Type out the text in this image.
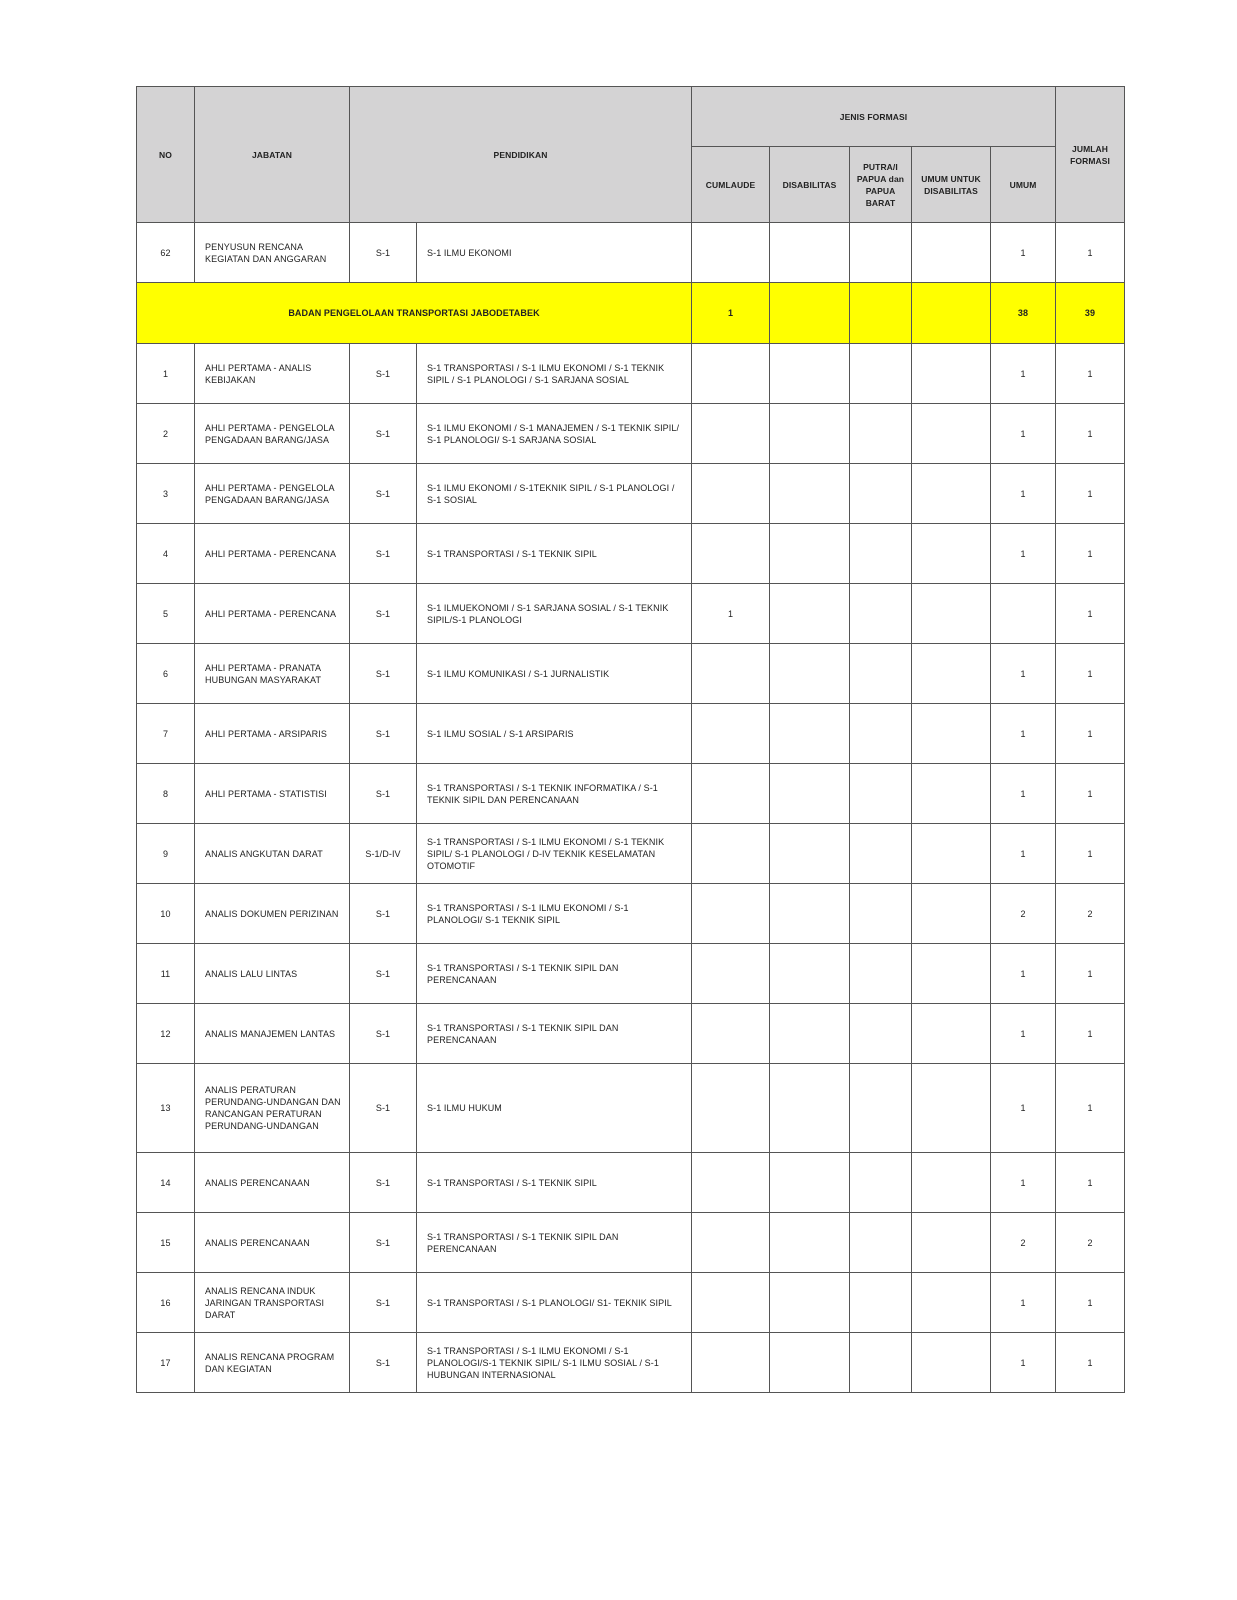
NO	JABATAN	PENDIDIKAN		JENIS FORMASI					JUMLAH FORMASI
				CUMLAUDE	DISABILITAS	PUTRA/I PAPUA dan PAPUA BARAT	UMUM UNTUK DISABILITAS	UMUM	
62	PENYUSUN RENCANA KEGIATAN DAN ANGGARAN	S-1	S-1 ILMU EKONOMI					1	1
BADAN PENGELOLAAN TRANSPORTASI JABODETABEK				1				38	39
1	AHLI PERTAMA - ANALIS KEBIJAKAN	S-1	S-1 TRANSPORTASI / S-1 ILMU EKONOMI / S-1 TEKNIK SIPIL / S-1 PLANOLOGI / S-1 SARJANA SOSIAL					1	1
2	AHLI PERTAMA - PENGELOLA PENGADAAN BARANG/JASA	S-1	S-1 ILMU EKONOMI / S-1 MANAJEMEN / S-1 TEKNIK SIPIL/ S-1 PLANOLOGI/ S-1 SARJANA SOSIAL					1	1
3	AHLI PERTAMA - PENGELOLA PENGADAAN BARANG/JASA	S-1	S-1 ILMU EKONOMI / S-1TEKNIK SIPIL / S-1 PLANOLOGI / S-1 SOSIAL					1	1
4	AHLI PERTAMA - PERENCANA	S-1	S-1 TRANSPORTASI / S-1 TEKNIK SIPIL					1	1
5	AHLI PERTAMA - PERENCANA	S-1	S-1 ILMUEKONOMI / S-1 SARJANA SOSIAL / S-1 TEKNIK SIPIL/S-1 PLANOLOGI	1					1
6	AHLI PERTAMA - PRANATA HUBUNGAN MASYARAKAT	S-1	S-1 ILMU KOMUNIKASI / S-1 JURNALISTIK					1	1
7	AHLI PERTAMA - ARSIPARIS	S-1	S-1 ILMU SOSIAL / S-1 ARSIPARIS					1	1
8	AHLI PERTAMA - STATISTISI	S-1	S-1 TRANSPORTASI / S-1 TEKNIK INFORMATIKA / S-1 TEKNIK SIPIL DAN PERENCANAAN					1	1
9	ANALIS ANGKUTAN DARAT	S-1/D-IV	S-1 TRANSPORTASI / S-1 ILMU EKONOMI / S-1 TEKNIK SIPIL/ S-1 PLANOLOGI / D-IV TEKNIK KESELAMATAN OTOMOTIF					1	1
10	ANALIS DOKUMEN PERIZINAN	S-1	S-1 TRANSPORTASI / S-1 ILMU EKONOMI / S-1 PLANOLOGI/ S-1 TEKNIK SIPIL					2	2
11	ANALIS LALU LINTAS	S-1	S-1 TRANSPORTASI / S-1 TEKNIK SIPIL DAN PERENCANAAN					1	1
12	ANALIS MANAJEMEN LANTAS	S-1	S-1 TRANSPORTASI / S-1 TEKNIK SIPIL DAN PERENCANAAN					1	1
13	ANALIS PERATURAN PERUNDANG-UNDANGAN DAN RANCANGAN PERATURAN PERUNDANG-UNDANGAN	S-1	S-1 ILMU HUKUM					1	1
14	ANALIS PERENCANAAN	S-1	S-1 TRANSPORTASI / S-1 TEKNIK SIPIL					1	1
15	ANALIS PERENCANAAN	S-1	S-1 TRANSPORTASI / S-1 TEKNIK SIPIL DAN PERENCANAAN					2	2
16	ANALIS RENCANA INDUK JARINGAN TRANSPORTASI DARAT	S-1	S-1 TRANSPORTASI / S-1 PLANOLOGI/ S1- TEKNIK SIPIL					1	1
17	ANALIS RENCANA PROGRAM DAN KEGIATAN	S-1	S-1 TRANSPORTASI / S-1 ILMU EKONOMI / S-1 PLANOLOGI/S-1 TEKNIK SIPIL/ S-1 ILMU SOSIAL / S-1 HUBUNGAN INTERNASIONAL					1	1
